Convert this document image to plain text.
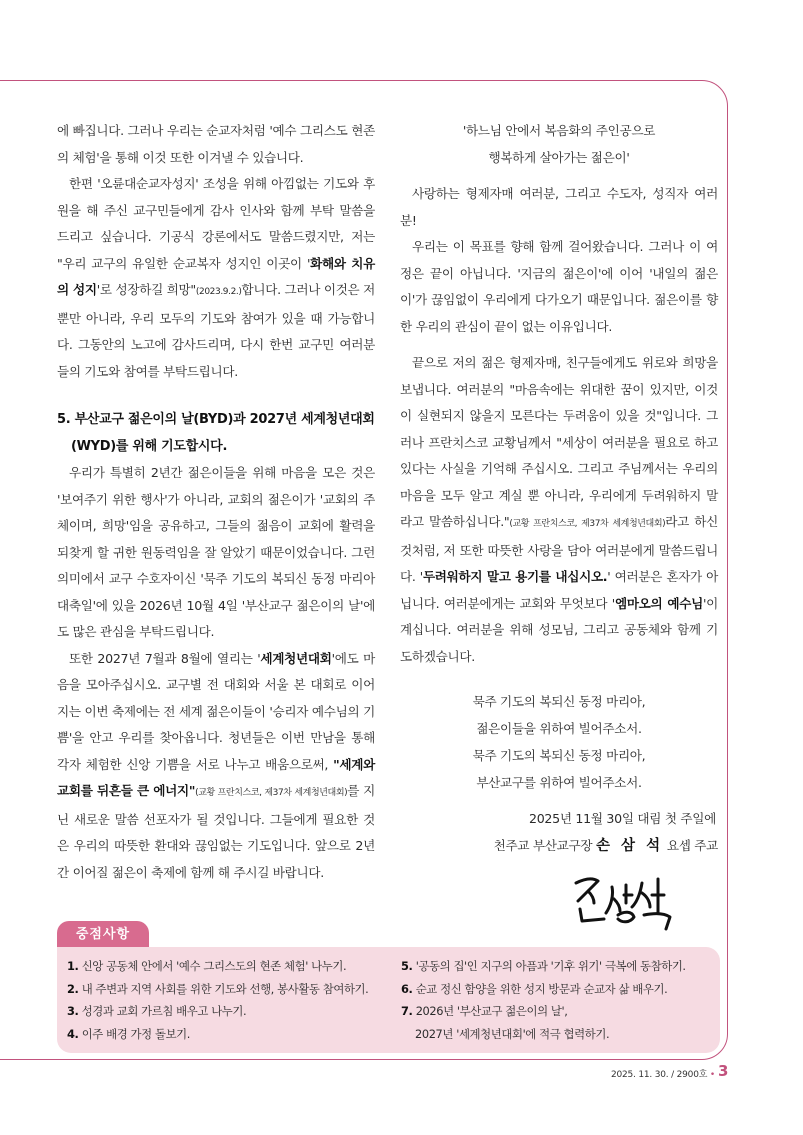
에 빠집니다. 그러나 우리는 순교자처럼 '예수 그리스도 현존의 체험'을 통해 이것 또한 이겨낼 수 있습니다.

한편 '오륜대순교자성지' 조성을 위해 아낌없는 기도와 후원을 해 주신 교구민들에게 감사 인사와 함께 부탁 말씀을 드리고 싶습니다. 기공식 강론에서도 말씀드렸지만, 저는 "우리 교구의 유일한 순교복자 성지인 이곳이 '화해와 치유의 성지'로 성장하길 희망"(2023.9.2.)합니다. 그러나 이것은 저뿐만 아니라, 우리 모두의 기도와 참여가 있을 때 가능합니다. 그동안의 노고에 감사드리며, 다시 한번 교구민 여러분들의 기도와 참여를 부탁드립니다.

5. 부산교구 젊은이의 날(BYD)과 2027년 세계청년대회

(WYD)를 위해 기도합시다.

우리가 특별히 2년간 젊은이들을 위해 마음을 모은 것은 '보여주기 위한 행사'가 아니라, 교회의 젊은이가 '교회의 주체이며, 희망'임을 공유하고, 그들의 젊음이 교회에 활력을 되찾게 할 귀한 원동력임을 잘 알았기 때문이었습니다. 그런 의미에서 교구 수호자이신 '묵주 기도의 복되신 동정 마리아 대축일'에 있을 2026년 10월 4일 '부산교구 젊은이의 날'에도 많은 관심을 부탁드립니다.

또한 2027년 7월과 8월에 열리는 '세계청년대회'에도 마음을 모아주십시오. 교구별 전 대회와 서울 본 대회로 이어지는 이번 축제에는 전 세계 젊은이들이 '승리자 예수님의 기쁨'을 안고 우리를 찾아옵니다. 청년들은 이번 만남을 통해 각자 체험한 신앙 기쁨을 서로 나누고 배움으로써, "세계와 교회를 뒤흔들 큰 에너지"(교황 프란치스코, 제37차 세계청년대회)를 지닌 새로운 말씀 선포자가 될 것입니다. 그들에게 필요한 것은 우리의 따뜻한 환대와 끊임없는 기도입니다. 앞으로 2년간 이어질 젊은이 축제에 함께 해 주시길 바랍니다.

'하느님 안에서 복음화의 주인공으로

행복하게 살아가는 젊은이'

사랑하는 형제자매 여러분, 그리고 수도자, 성직자 여러분!

우리는 이 목표를 향해 함께 걸어왔습니다. 그러나 이 여정은 끝이 아닙니다. '지금의 젊은이'에 이어 '내일의 젊은이'가 끊임없이 우리에게 다가오기 때문입니다. 젊은이를 향한 우리의 관심이 끝이 없는 이유입니다.

끝으로 저의 젊은 형제자매, 친구들에게도 위로와 희망을 보냅니다. 여러분의 "마음속에는 위대한 꿈이 있지만, 이것이 실현되지 않을지 모른다는 두려움이 있을 것"입니다. 그러나 프란치스코 교황님께서 "세상이 여러분을 필요로 하고 있다는 사실을 기억해 주십시오. 그리고 주님께서는 우리의 마음을 모두 알고 계실 뿐 아니라, 우리에게 두려워하지 말라고 말씀하십니다."(교황 프란치스코, 제37차 세계청년대회)라고 하신 것처럼, 저 또한 따뜻한 사랑을 담아 여러분에게 말씀드립니다. '두려워하지 말고 용기를 내십시오.' 여러분은 혼자가 아닙니다. 여러분에게는 교회와 무엇보다 '엠마오의 예수님'이 계십니다. 여러분을 위해 성모님, 그리고 공동체와 함께 기도하겠습니다.

묵주 기도의 복되신 동정 마리아,

젊은이들을 위하여 빌어주소서.

묵주 기도의 복되신 동정 마리아,

부산교구를 위하여 빌어주소서.

2025년 11월 30일 대림 첫 주일에

천주교 부산교구장 손 삼 석 요셉 주교

중점사항
1. 신앙 공동체 안에서 '예수 그리스도의 현존 체험' 나누기.
2. 내 주변과 지역 사회를 위한 기도와 선행, 봉사활동 참여하기.
3. 성경과 교회 가르침 배우고 나누기.
4. 이주 배경 가정 돌보기.
5. '공동의 집'인 지구의 아픔과 '기후 위기' 극복에 동참하기.
6. 순교 정신 함양을 위한 성지 방문과 순교자 삶 배우기.
7. 2026년 '부산교구 젊은이의 날',
2027년 '세계청년대회'에 적극 협력하기.
2025. 11. 30. / 2900호 • 3
